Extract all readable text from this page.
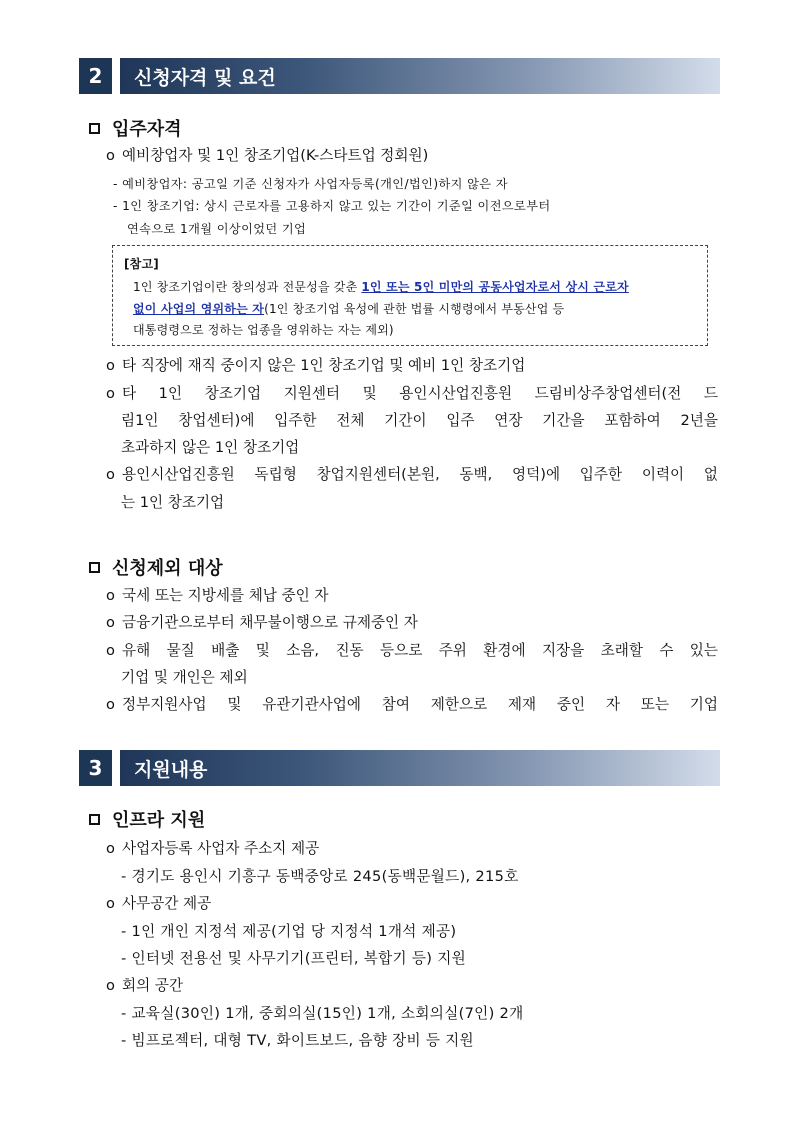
2	신청자격 및 요건
입주자격
o 예비창업자 및 1인 창조기업(K-스타트업 정회원)
- 예비창업자: 공고일 기준 신청자가 사업자등록(개인/법인)하지 않은 자
- 1인 창조기업: 상시 근로자를 고용하지 않고 있는 기간이 기준일 이전으로부터
연속으로 1개월 이상이었던 기업
[참고]
1인 창조기업이란 창의성과 전문성을 갖춘 1인 또는 5인 미만의 공동사업자로서 상시 근로자
없이 사업의 영위하는 자(1인 창조기업 육성에 관한 법률 시행령에서 부동산업 등
대통령령으로 정하는 업종을 영위하는 자는 제외)
o 타 직장에 재직 중이지 않은 1인 창조기업 및 예비 1인 창조기업
o 타 1인 창조기업 지원센터 및 용인시산업진흥원 드림비상주창업센터(전 드
림1인 창업센터)에 입주한 전체 기간이 입주 연장 기간을 포함하여 2년을
초과하지 않은 1인 창조기업
o 용인시산업진흥원 독립형 창업지원센터(본원, 동백, 영덕)에 입주한 이력이 없
는 1인 창조기업
신청제외 대상
o 국세 또는 지방세를 체납 중인 자
o 금융기관으로부터 채무불이행으로 규제중인 자
o 유해 물질 배출 및 소음, 진동 등으로 주위 환경에 지장을 초래할 수 있는
기업 및 개인은 제외
o 정부지원사업 및 유관기관사업에 참여 제한으로 제재 중인 자 또는 기업
3	지원내용
인프라 지원
o 사업자등록 사업자 주소지 제공
- 경기도 용인시 기흥구 동백중앙로 245(동백문월드), 215호
o 사무공간 제공
- 1인 개인 지정석 제공(기업 당 지정석 1개석 제공)
- 인터넷 전용선 및 사무기기(프린터, 복합기 등) 지원
o 회의 공간
- 교육실(30인) 1개, 중회의실(15인) 1개, 소회의실(7인) 2개
- 빔프로젝터, 대형 TV, 화이트보드, 음향 장비 등 지원
